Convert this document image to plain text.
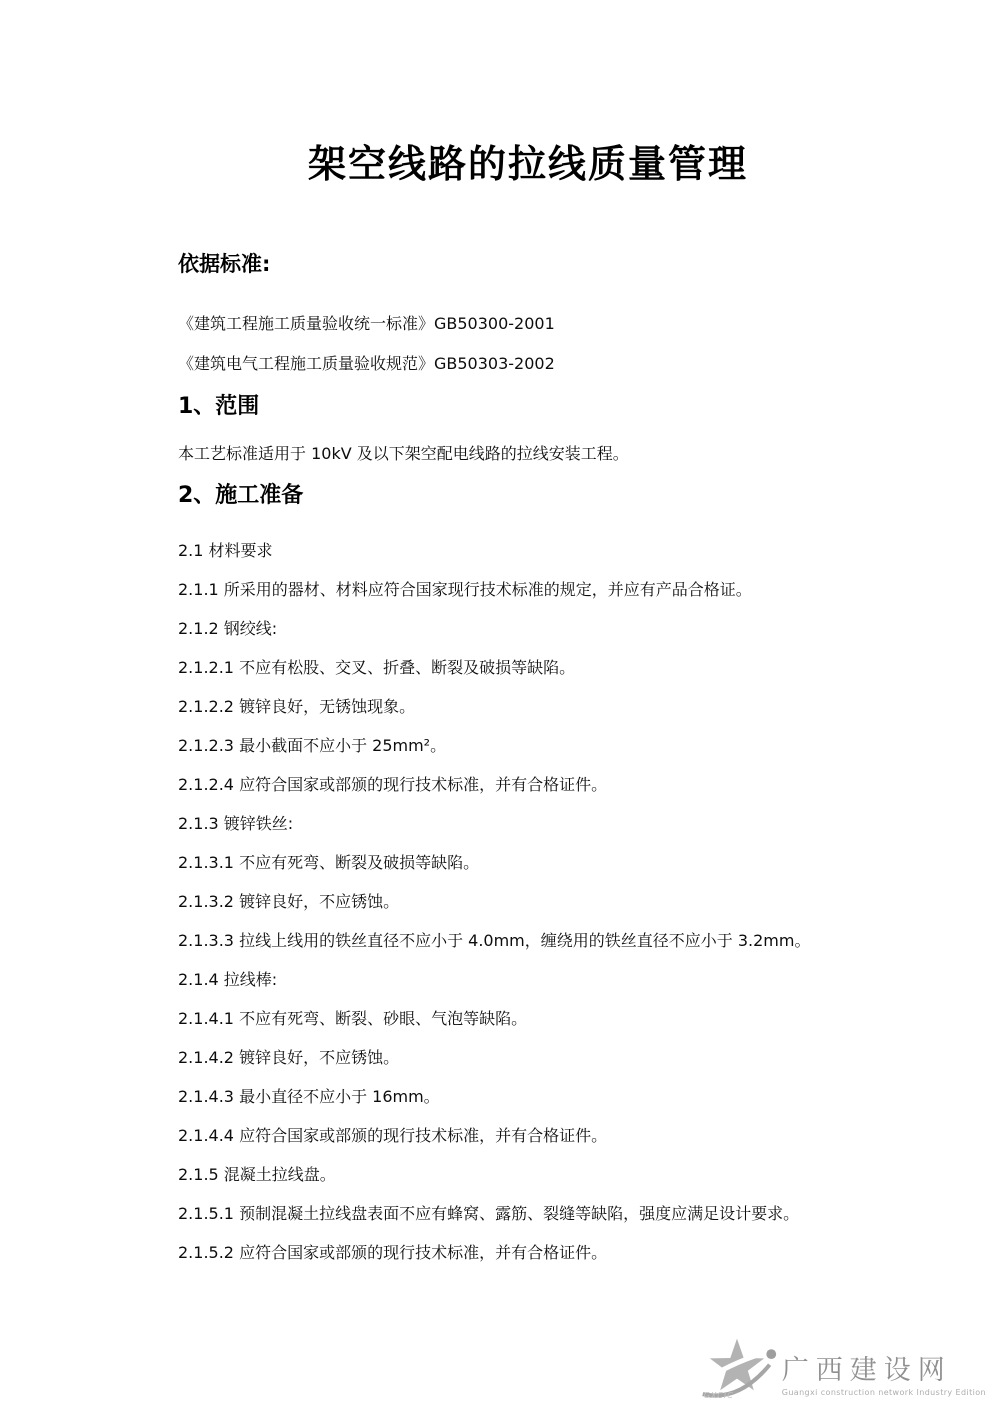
架空线路的拉线质量管理
依据标准:

《建筑工程施工质量验收统一标准》GB50300-2001

《建筑电气工程施工质量验收规范》GB50303-2002

1、范围

本工艺标准适用于 10kV 及以下架空配电线路的拉线安装工程。

2、施工准备

2.1 材料要求

2.1.1 所采用的器材、材料应符合国家现行技术标准的规定，并应有产品合格证。

2.1.2 钢绞线:

2.1.2.1 不应有松股、交叉、折叠、断裂及破损等缺陷。

2.1.2.2 镀锌良好，无锈蚀现象。

2.1.2.3 最小截面不应小于 25mm²。

2.1.2.4 应符合国家或部颁的现行技术标准，并有合格证件。

2.1.3 镀锌铁丝:

2.1.3.1 不应有死弯、断裂及破损等缺陷。

2.1.3.2 镀锌良好，不应锈蚀。

2.1.3.3 拉线上线用的铁丝直径不应小于 4.0mm，缠绕用的铁丝直径不应小于 3.2mm。

2.1.4 拉线棒:

2.1.4.1 不应有死弯、断裂、砂眼、气泡等缺陷。

2.1.4.2 镀锌良好，不应锈蚀。

2.1.4.3 最小直径不应小于 16mm。

2.1.4.4 应符合国家或部颁的现行技术标准，并有合格证件。

2.1.5 混凝土拉线盘。

2.1.5.1 预制混凝土拉线盘表面不应有蜂窝、露筋、裂缝等缺陷，强度应满足设计要求。

2.1.5.2 应符合国家或部颁的现行技术标准，并有合格证件。

GXCIC
广西建设网
Guangxi construction network Industry Edition
